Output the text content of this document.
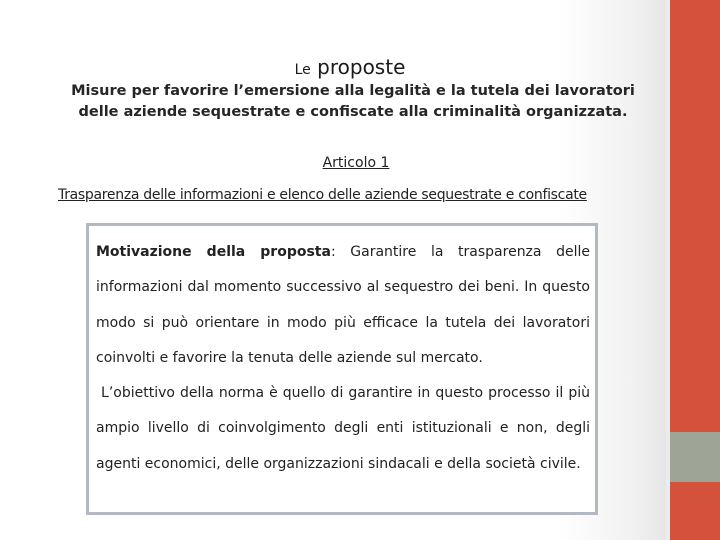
Le proposte
Misure per favorire l’emersione alla legalità e la tutela dei lavoratori delle aziende sequestrate e confiscate alla criminalità organizzata.
Articolo 1
Trasparenza delle informazioni e elenco delle aziende sequestrate e confiscate

Motivazione della proposta: Garantire la trasparenza delle informazioni dal momento successivo al sequestro dei beni. In questo modo si può orientare in modo più efficace la tutela dei lavoratori coinvolti e favorire la tenuta delle aziende sul mercato.

L’obiettivo della norma è quello di garantire in questo processo il più ampio livello di coinvolgimento degli enti istituzionali e non, degli agenti economici, delle organizzazioni sindacali e della società civile.
